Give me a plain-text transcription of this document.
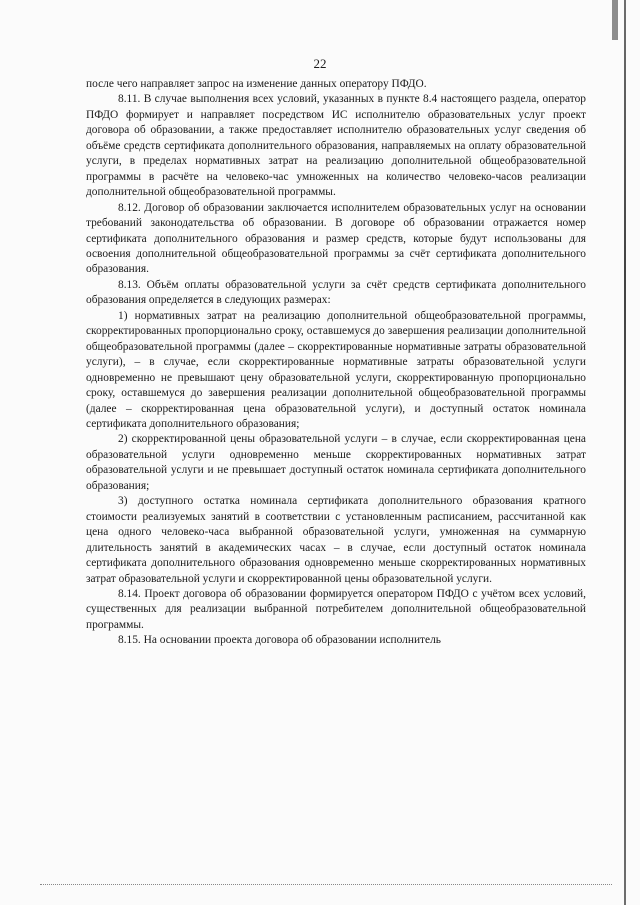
22

после чего направляет запрос на изменение данных оператору ПФДО.

8.11. В случае выполнения всех условий, указанных в пункте 8.4 настоящего раздела, оператор ПФДО формирует и направляет посредством ИС исполнителю образовательных услуг проект договора об образовании, а также предоставляет исполнителю образовательных услуг сведения об объёме средств сертификата дополнительного образования, направляемых на оплату образовательной услуги, в пределах нормативных затрат на реализацию дополнительной общеобразовательной программы в расчёте на человеко-час умноженных на количество человеко-часов реализации дополнительной общеобразовательной программы.

8.12. Договор об образовании заключается исполнителем образовательных услуг на основании требований законодательства об образовании. В договоре об образовании отражается номер сертификата дополнительного образования и размер средств, которые будут использованы для освоения дополнительной общеобразовательной программы за счёт сертификата дополнительного образования.

8.13. Объём оплаты образовательной услуги за счёт средств сертификата дополнительного образования определяется в следующих размерах:

1) нормативных затрат на реализацию дополнительной общеобразовательной программы, скорректированных пропорционально сроку, оставшемуся до завершения реализации дополнительной общеобразовательной программы (далее – скорректированные нормативные затраты образовательной услуги), – в случае, если скорректированные нормативные затраты образовательной услуги одновременно не превышают цену образовательной услуги, скорректированную пропорционально сроку, оставшемуся до завершения реализации дополнительной общеобразовательной программы (далее – скорректированная цена образовательной услуги), и доступный остаток номинала сертификата дополнительного образования;

2) скорректированной цены образовательной услуги – в случае, если скорректированная цена образовательной услуги одновременно меньше скорректированных нормативных затрат образовательной услуги и не превышает доступный остаток номинала сертификата дополнительного образования;

3) доступного остатка номинала сертификата дополнительного образования кратного стоимости реализуемых занятий в соответствии с установленным расписанием, рассчитанной как цена одного человеко-часа выбранной образовательной услуги, умноженная на суммарную длительность занятий в академических часах – в случае, если доступный остаток номинала сертификата дополнительного образования одновременно меньше скорректированных нормативных затрат образовательной услуги и скорректированной цены образовательной услуги.

8.14. Проект договора об образовании формируется оператором ПФДО с учётом всех условий, существенных для реализации выбранной потребителем дополнительной общеобразовательной программы.

8.15. На основании проекта договора об образовании исполнитель
